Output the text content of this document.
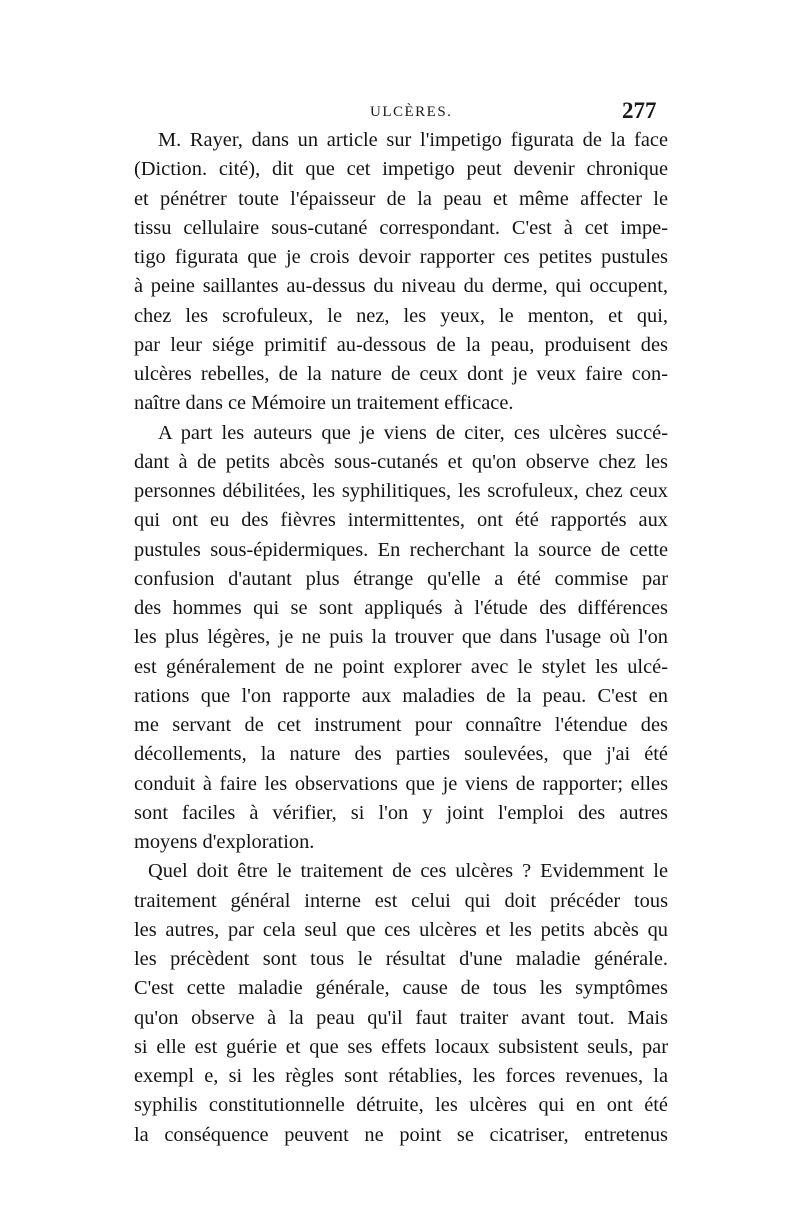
ULCÈRES.	277
M. Rayer, dans un article sur l'impetigo figurata de la face
(Diction. cité), dit que cet impetigo peut devenir chronique
et pénétrer toute l'épaisseur de la peau et même affecter le
tissu cellulaire sous-cutané correspondant. C'est à cet impe-
tigo figurata que je crois devoir rapporter ces petites pustules
à peine saillantes au-dessus du niveau du derme, qui occupent,
chez les scrofuleux, le nez, les yeux, le menton, et qui,
par leur siége primitif au-dessous de la peau, produisent des
ulcères rebelles, de la nature de ceux dont je veux faire con-
naître dans ce Mémoire un traitement efficace.
A part les auteurs que je viens de citer, ces ulcères succé-
dant à de petits abcès sous-cutanés et qu'on observe chez les
personnes débilitées, les syphilitiques, les scrofuleux, chez ceux
qui ont eu des fièvres intermittentes, ont été rapportés aux
pustules sous-épidermiques. En recherchant la source de cette
confusion d'autant plus étrange qu'elle a été commise par
des hommes qui se sont appliqués à l'étude des différences
les plus légères, je ne puis la trouver que dans l'usage où l'on
est généralement de ne point explorer avec le stylet les ulcé-
rations que l'on rapporte aux maladies de la peau. C'est en
me servant de cet instrument pour connaître l'étendue des
décollements, la nature des parties soulevées, que j'ai été
conduit à faire les observations que je viens de rapporter; elles
sont faciles à vérifier, si l'on y joint l'emploi des autres
moyens d'exploration.
Quel doit être le traitement de ces ulcères ? Evidemment le
traitement général interne est celui qui doit précéder tous
les autres, par cela seul que ces ulcères et les petits abcès qu
les précèdent sont tous le résultat d'une maladie générale.
C'est cette maladie générale, cause de tous les symptômes
qu'on observe à la peau qu'il faut traiter avant tout. Mais
si elle est guérie et que ses effets locaux subsistent seuls, par
exempl e, si les règles sont rétablies, les forces revenues, la
syphilis constitutionnelle détruite, les ulcères qui en ont été
la conséquence peuvent ne point se cicatriser, entretenus
